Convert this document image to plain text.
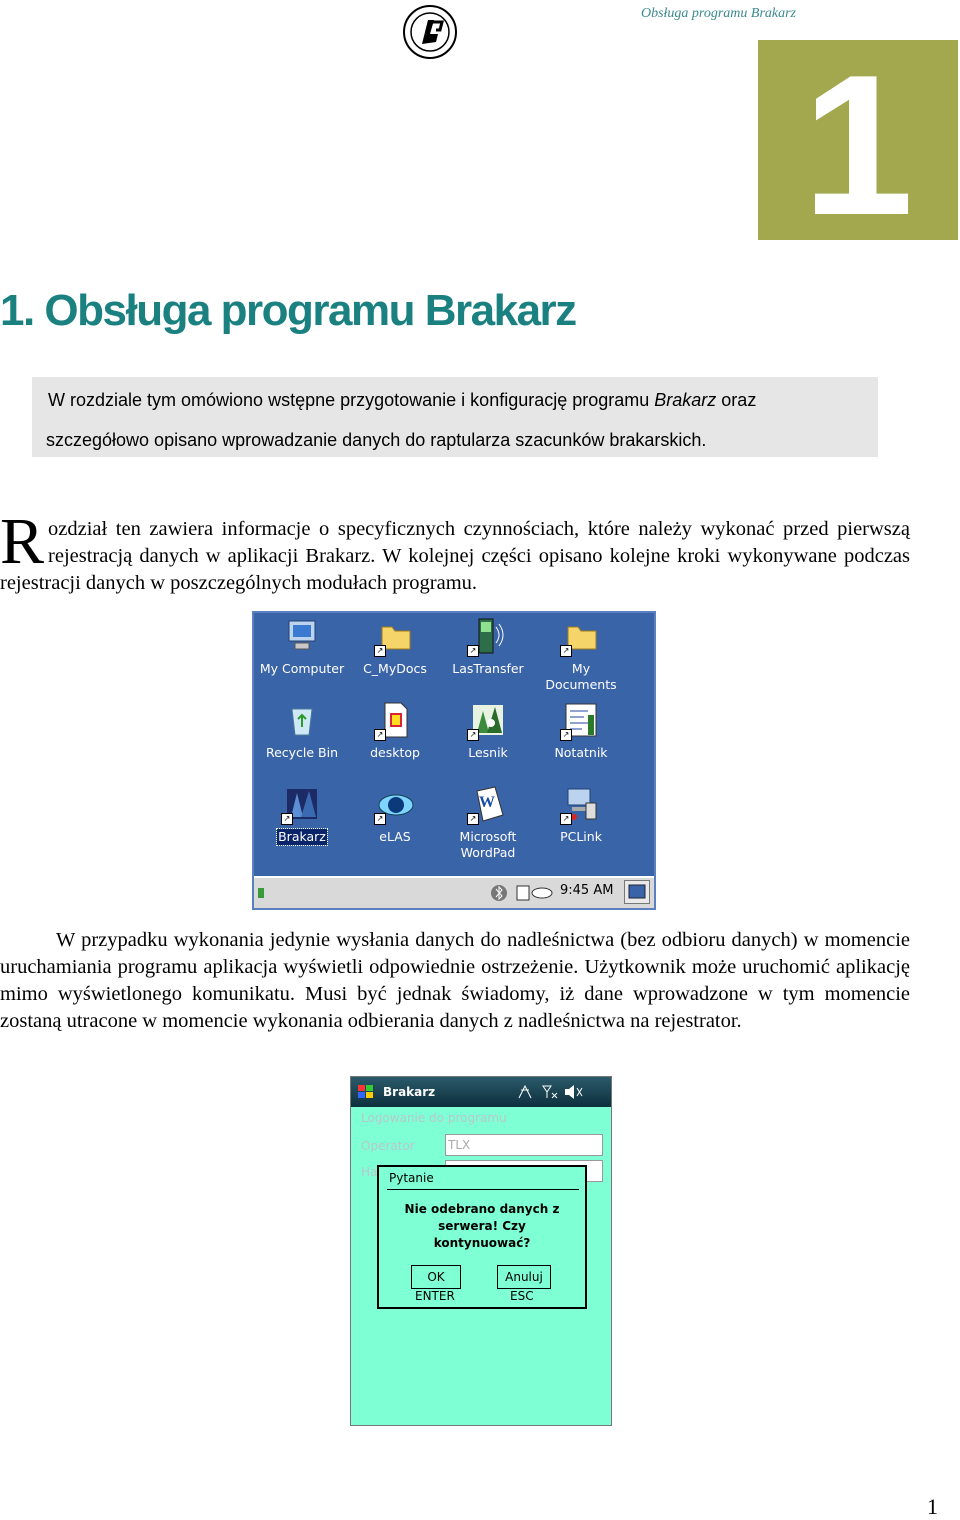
Obsługa programu Brakarz
1
1. Obsługa programu Brakarz

W rozdziale tym omówiono wstępne przygotowanie i konfigurację programu Brakarz oraz

szczegółowo opisano wprowadzanie danych do raptularza szacunków brakarskich.

Rozdział ten zawiera informacje o specyficznych czynnościach, które należy wykonać przed pierwszą rejestracją danych w aplikacji Brakarz. W kolejnej części opisano kolejne kroki wykonywane podczas rejestracji danych w poszczególnych modułach programu.
My Computer
↗
C_MyDocs
↗
LasTransfer
↗
My Documents
Recycle Bin
↗
desktop
↗
Lesnik
↗
Notatnik
↗
Brakarz
↗
eLAS
W
↗
Microsoft WordPad
↗
PCLink
9:45 AM
W przypadku wykonania jedynie wysłania danych do nadleśnictwa (bez odbioru danych) w momencie uruchamiania programu aplikacja wyświetli odpowiednie ostrzeżenie. Użytkownik może uruchomić aplikację mimo wyświetlonego komunikatu. Musi być jednak świadomy, iż dane wprowadzone w tym momencie zostaną utracone w momencie wykonania odbierania danych z nadleśnictwa na rejestrator.
Brakarz
Logowanie do programu
Operator	TLX
Ha Pytanie
Nie odebrano danych z
serwera! Czy
kontynuować?
OK	Anuluj
ENTER	ESC
1
